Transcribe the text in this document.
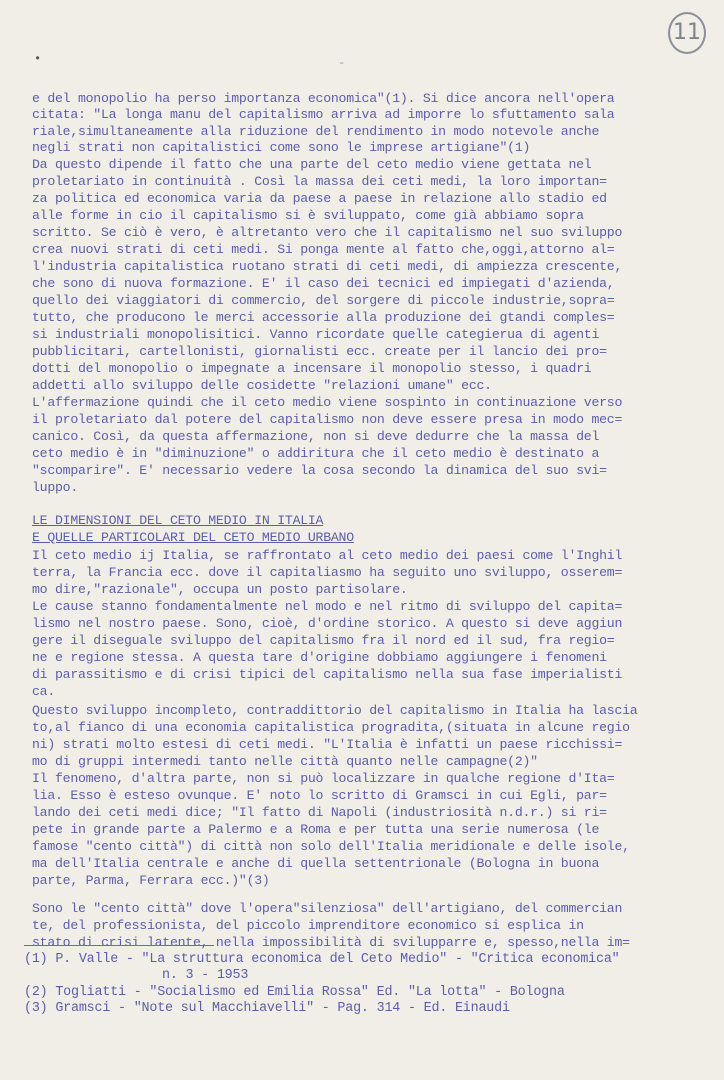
11
•	-
e del monopolio ha perso importanza economica"(1). Si dice ancora nell'opera
citata: "La longa manu del capitalismo arriva ad imporre lo sfuttamento sala
riale,simultaneamente alla riduzione del rendimento in modo notevole anche
negli strati non capitalistici come sono le imprese artigiane"(1)
Da questo dipende il fatto che una parte del ceto medio viene gettata nel
proletariato in continuità . Così la massa dei ceti medi, la loro importan=
za politica ed economica varia da paese a paese in relazione allo stadio ed
alle forme in cio il capitalismo si è sviluppato, come già abbiamo sopra
scritto. Se ciò è vero, è altretanto vero che il capitalismo nel suo sviluppo
crea nuovi strati di ceti medi. Si ponga mente al fatto che,oggi,attorno al=
l'industria capitalistica ruotano strati di ceti medi, di ampiezza crescente,
che sono di nuova formazione. E' il caso dei tecnici ed impiegati d'azienda,
quello dei viaggiatori di commercio, del sorgere di piccole industrie,sopra=
tutto, che producono le merci accessorie alla produzione dei gtandi comples=
si industriali monopolisitici. Vanno ricordate quelle categierua di agenti
pubblicitari, cartellonisti, giornalisti ecc. create per il lancio dei pro=
dotti del monopolio o impegnate a incensare il monopolio stesso, i quadri
addetti allo sviluppo delle cosidette "relazioni umane" ecc.
L'affermazione quindi che il ceto medio viene sospinto in continuazione verso
il proletariato dal potere del capitalismo non deve essere presa in modo mec=
canico. Così, da questa affermazione, non si deve dedurre che la massa del
ceto medio è in "diminuzione" o addiritura che il ceto medio è destinato a
"scomparire". E' necessario vedere la cosa secondo la dinamica del suo svi=
luppo.
LE DIMENSIONI DEL CETO MEDIO IN ITALIA
E QUELLE PARTICOLARI DEL CETO MEDIO URBANO
Il ceto medio ij Italia, se raffrontato al ceto medio dei paesi come l'Inghil
terra, la Francia ecc. dove il capitaliasmo ha seguito uno sviluppo, osserem=
mo dire,"razionale", occupa un posto partisolare.
Le cause stanno fondamentalmente nel modo e nel ritmo di sviluppo del capita=
lismo nel nostro paese. Sono, cioè, d'ordine storico. A questo si deve aggiun
gere il diseguale sviluppo del capitalismo fra il nord ed il sud, fra regio=
ne e regione stessa. A questa tare d'origine dobbiamo aggiungere i fenomeni
di parassitismo e di crisi tipici del capitalismo nella sua fase imperialisti
ca.
Questo sviluppo incompleto, contraddittorio del capitalismo in Italia ha lascia
to,al fianco di una economia capitalistica progradita,(situata in alcune regio
ni) strati molto estesi di ceti medi. "L'Italia è infatti un paese ricchissi=
mo di gruppi intermedi tanto nelle città quanto nelle campagne(2)"
Il fenomeno, d'altra parte, non si può localizzare in qualche regione d'Ita=
lia. Esso è esteso ovunque. E' noto lo scritto di Gramsci in cui Egli, par=
lando dei ceti medi dice; "Il fatto di Napoli (industriosità n.d.r.) si ri=
pete in grande parte a Palermo e a Roma e per tutta una serie numerosa (le
famose "cento città") di città non solo dell'Italia meridionale e delle isole,
ma dell'Italia centrale e anche di quella settentrionale (Bologna in buona
parte, Parma, Ferrara ecc.)"(3)
Sono le "cento città" dove l'opera"silenziosa" dell'artigiano, del commercian
te, del professionista, del piccolo imprenditore economico si esplica in
stato di crisi latente, nella impossibilità di svilupparre e, spesso,nella im=
(1) P. Valle - "La struttura economica del Ceto Medio" - "Critica economica"
n. 3 - 1953
(2) Togliatti - "Socialismo ed Emilia Rossa" Ed. "La lotta" - Bologna
(3) Gramsci - "Note sul Macchiavelli" - Pag. 314 - Ed. Einaudi
